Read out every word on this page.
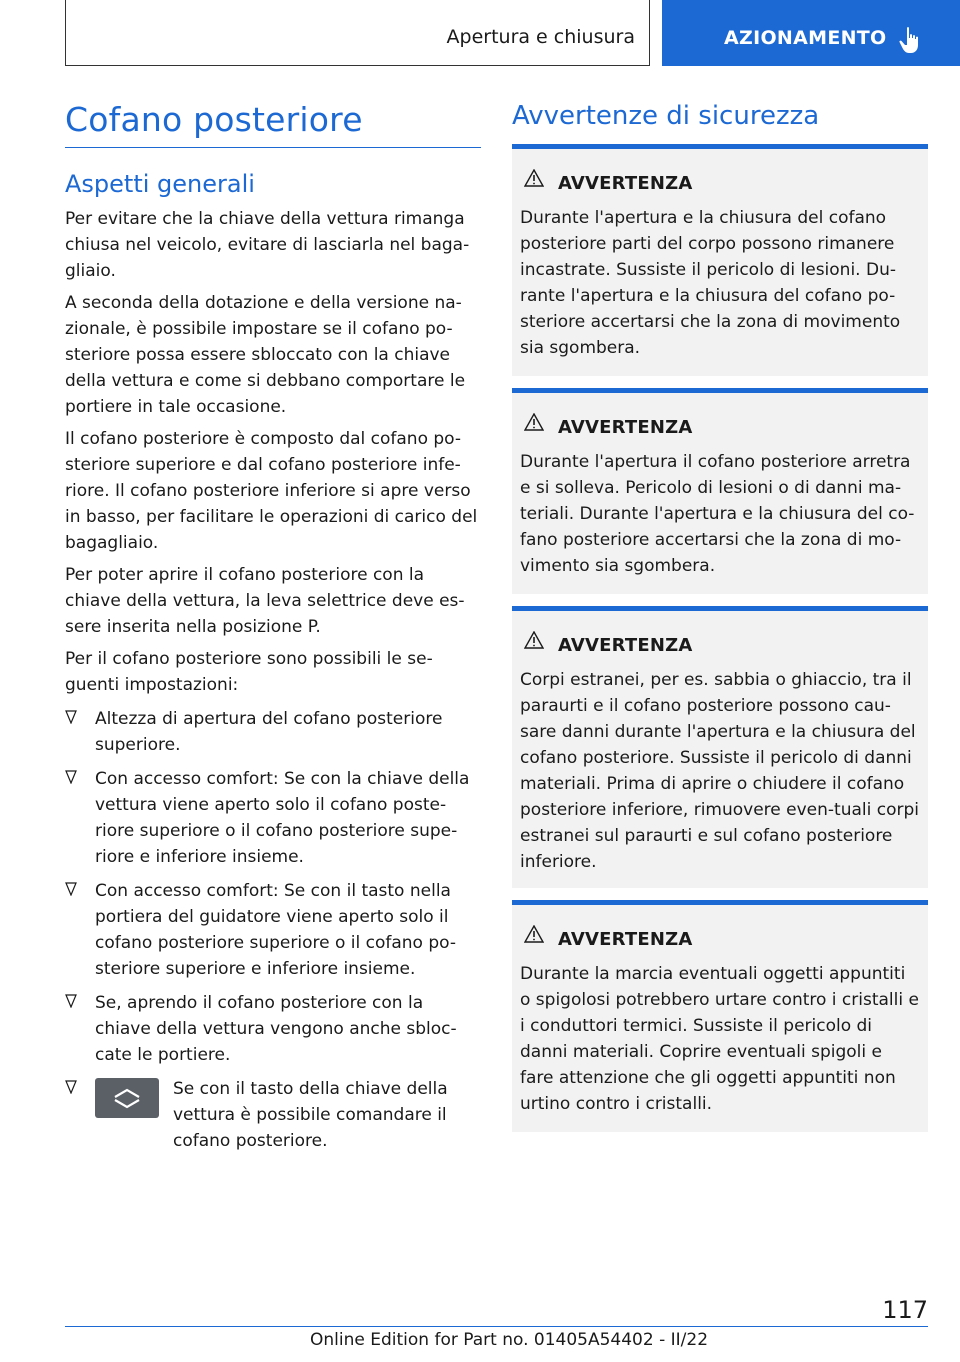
Apertura e chiusura	AZIONAMENTO
Cofano posteriore
Aspetti generali

Per evitare che la chiave della vettura rimanga chiusa nel veicolo, evitare di lasciarla nel baga-gliaio.

A seconda della dotazione e della versione na-zionale, è possibile impostare se il cofano po-steriore possa essere sbloccato con la chiave della vettura e come si debbano comportare le portiere in tale occasione.

Il cofano posteriore è composto dal cofano po-steriore superiore e dal cofano posteriore infe-riore. Il cofano posteriore inferiore si apre verso in basso, per facilitare le operazioni di carico del bagagliaio.

Per poter aprire il cofano posteriore con la chiave della vettura, la leva selettrice deve es-sere inserita nella posizione P.

Per il cofano posteriore sono possibili le se-guenti impostazioni:

Altezza di apertura del cofano posteriore superiore.
Con accesso comfort: Se con la chiave della vettura viene aperto solo il cofano poste-riore superiore o il cofano posteriore supe-riore e inferiore insieme.
Con accesso comfort: Se con il tasto nella portiera del guidatore viene aperto solo il cofano posteriore superiore o il cofano po-steriore superiore e inferiore insieme.
Se, aprendo il cofano posteriore con la chiave della vettura vengono anche sbloc-cate le portiere.
Se con il tasto della chiave della vettura è possibile comandare il cofano posteriore.
Avvertenze di sicurezza
AVVERTENZA

Durante l'apertura e la chiusura del cofano posteriore parti del corpo possono rimanere incastrate. Sussiste il pericolo di lesioni. Du-rante l'apertura e la chiusura del cofano po-steriore accertarsi che la zona di movimento sia sgombera.

AVVERTENZA

Durante l'apertura il cofano posteriore arretra e si solleva. Pericolo di lesioni o di danni ma-teriali. Durante l'apertura e la chiusura del co-fano posteriore accertarsi che la zona di mo-vimento sia sgombera.

AVVERTENZA

Corpi estranei, per es. sabbia o ghiaccio, tra il paraurti e il cofano posteriore possono cau-sare danni durante l'apertura e la chiusura del cofano posteriore. Sussiste il pericolo di danni materiali. Prima di aprire o chiudere il cofano posteriore inferiore, rimuovere even-tuali corpi estranei sul paraurti e sul cofano posteriore inferiore.

AVVERTENZA

Durante la marcia eventuali oggetti appuntiti o spigolosi potrebbero urtare contro i cristalli e i conduttori termici. Sussiste il pericolo di danni materiali. Coprire eventuali spigoli e fare attenzione che gli oggetti appuntiti non urtino contro i cristalli.

117
Online Edition for Part no. 01405A54402 - II/22
